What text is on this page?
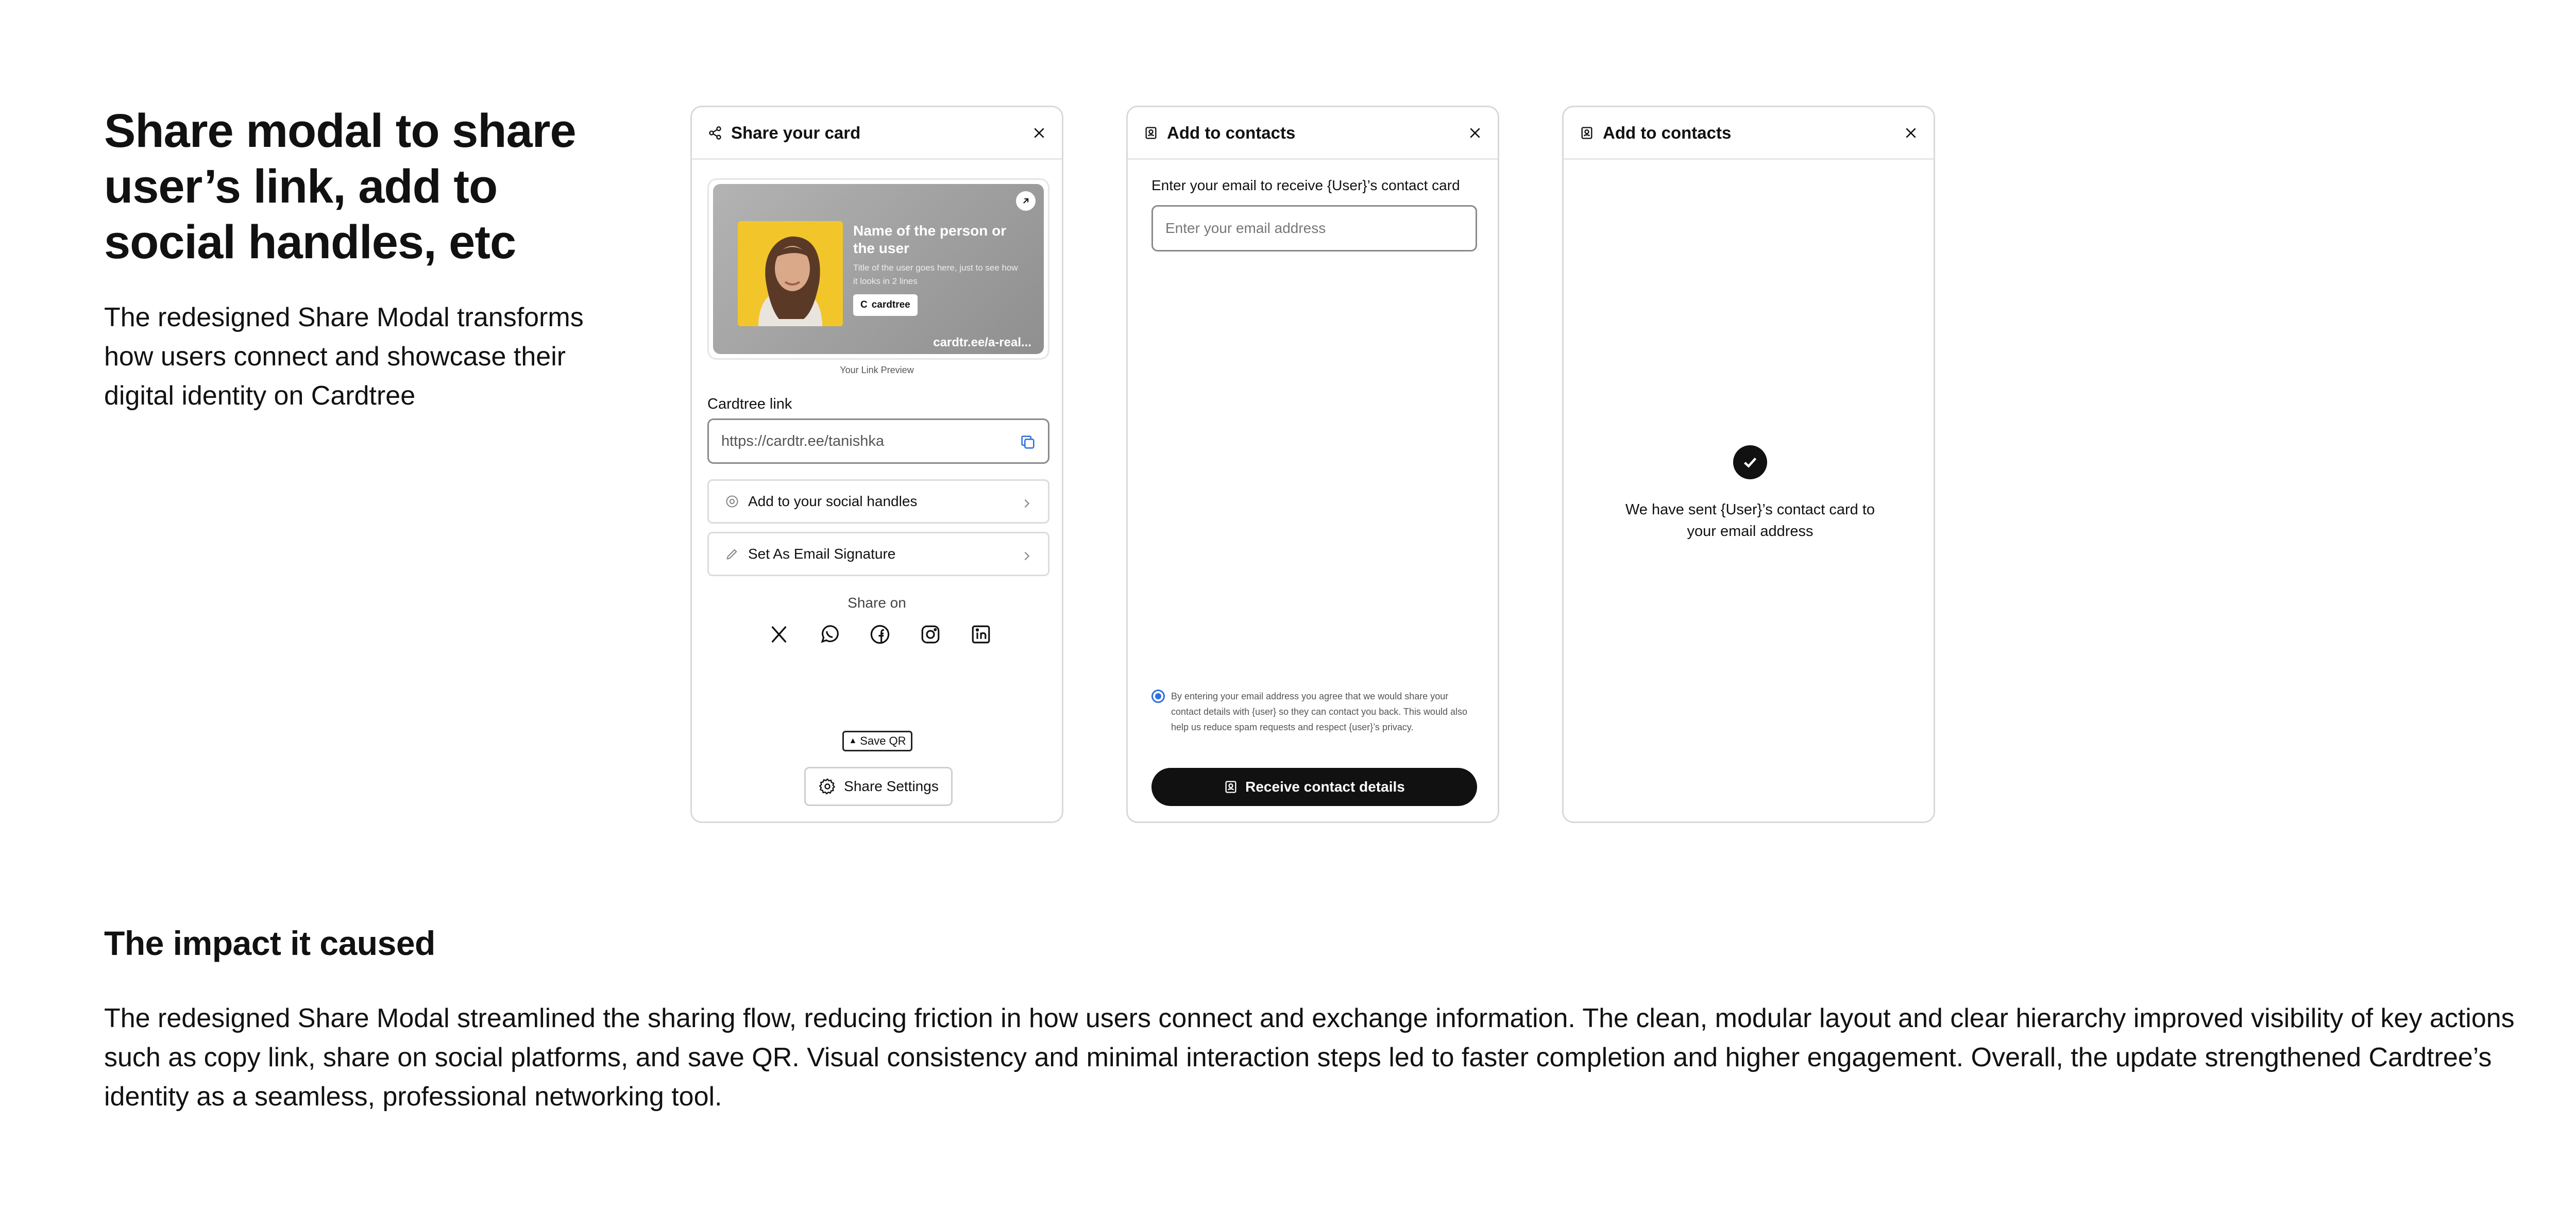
Share modal to share user’s link, add to social handles, etc

The redesigned Share Modal transforms how users connect and showcase their digital identity on Cardtree

Share your card
Name of the person or the user
Title of the user goes here, just to see how it looks in 2 lines
C cardtree
cardtr.ee/a-real...
Your Link Preview
Cardtree link
https://cardtr.ee/tanishka
Add to your social handles
Set As Email Signature
Share on
▲ Save QR
Share Settings
Add to contacts
Enter your email to receive {User}’s contact card
Enter your email address
By entering your email address you agree that we would share your contact details with {user} so they can contact you back. This would also help us reduce spam requests and respect {user}’s privacy.
Receive contact details
Add to contacts
We have sent {User}’s contact card to your email address
The impact it caused

The redesigned Share Modal streamlined the sharing flow, reducing friction in how users connect and exchange information. The clean, modular layout and clear hierarchy improved visibility of key actions such as copy link, share on social platforms, and save QR. Visual consistency and minimal interaction steps led to faster completion and higher engagement. Overall, the update strengthened Cardtree’s identity as a seamless, professional networking tool.
